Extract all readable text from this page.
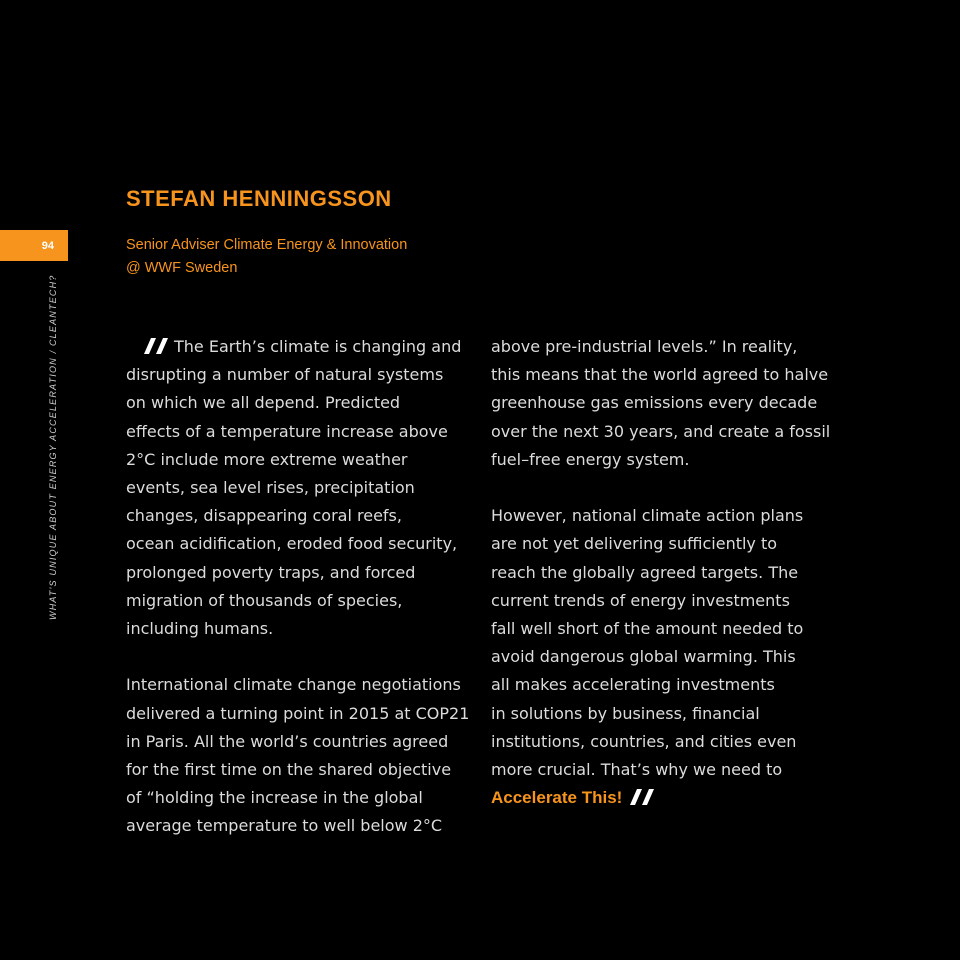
94
WHAT'S UNIQUE ABOUT ENERGY ACCELERATION / CLEANTECH?
STEFAN HENNINGSSON
Senior Adviser Climate Energy & Innovation
@ WWF Sweden
The Earth’s climate is changing and
disrupting a number of natural systems
on which we all depend. Predicted
effects of a temperature increase above
2°C include more extreme weather
events, sea level rises, precipitation
changes, disappearing coral reefs,
ocean acidification, eroded food security,
prolonged poverty traps, and forced
migration of thousands of species,
including humans.
International climate change negotiations
delivered a turning point in 2015 at COP21
in Paris. All the world’s countries agreed
for the first time on the shared objective
of “holding the increase in the global
average temperature to well below 2°C
above pre-industrial levels.” In reality,
this means that the world agreed to halve
greenhouse gas emissions every decade
over the next 30 years, and create a fossil
fuel–free energy system.
However, national climate action plans
are not yet delivering sufficiently to
reach the globally agreed targets. The
current trends of energy investments
fall well short of the amount needed to
avoid dangerous global warming. This
all makes accelerating investments
in solutions by business, financial
institutions, countries, and cities even
more crucial. That’s why we need to
Accelerate This!
